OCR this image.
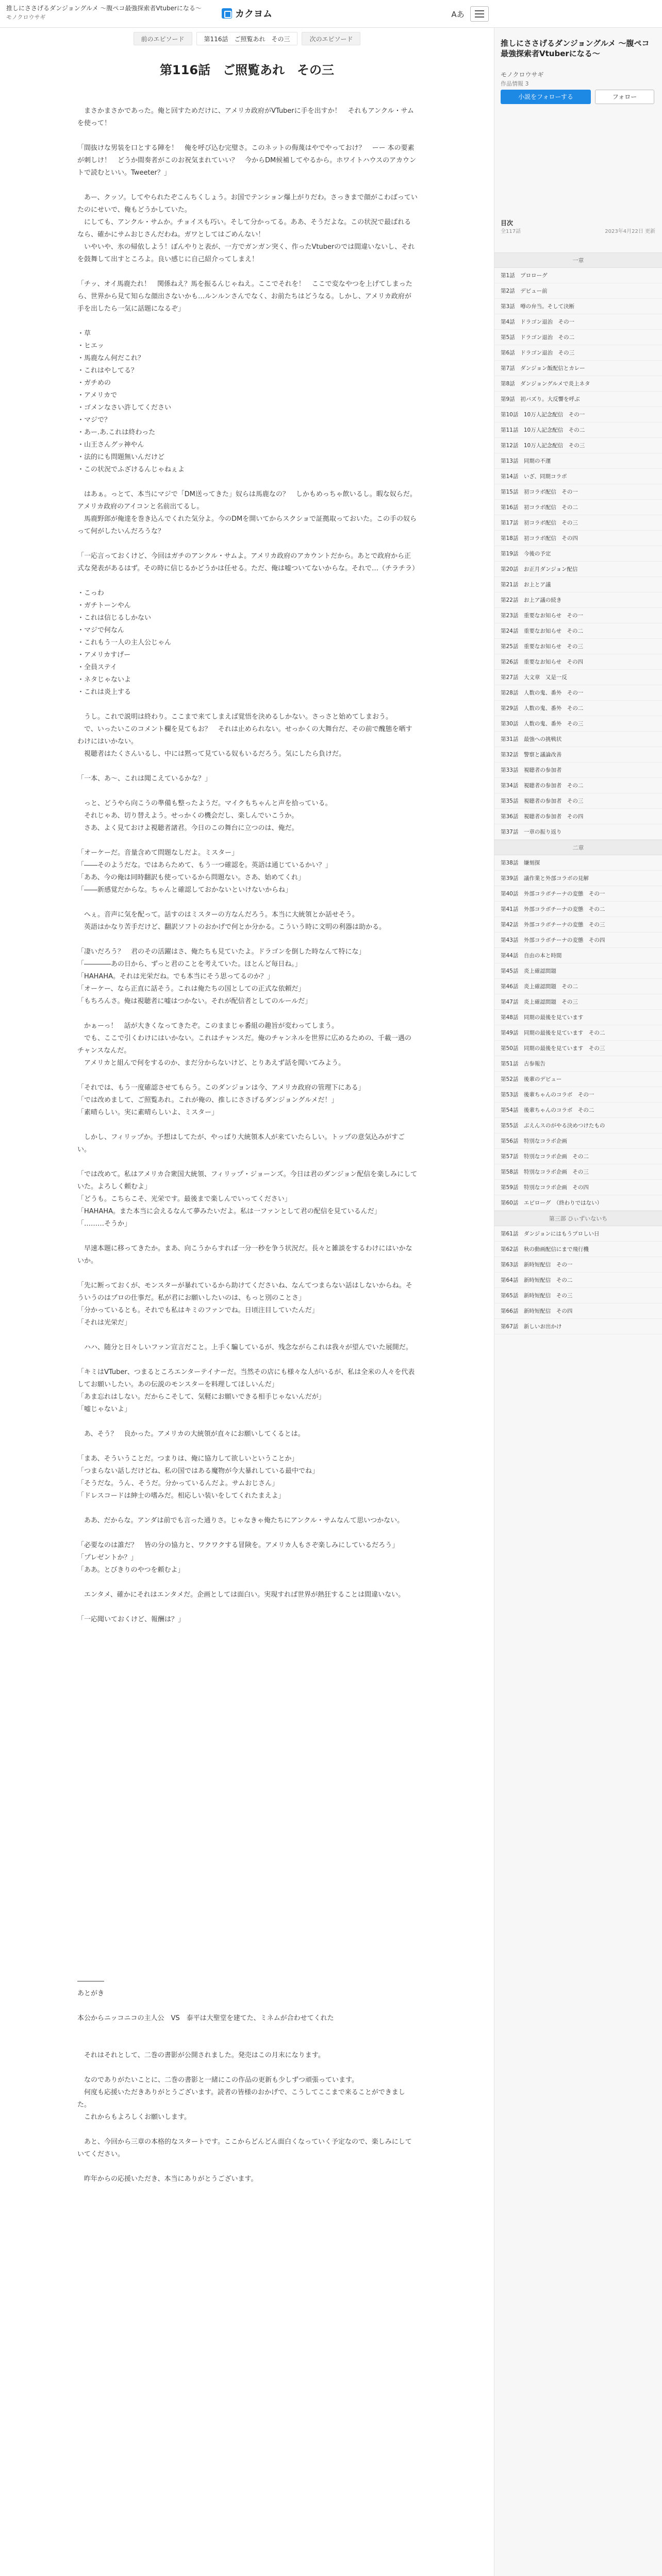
推しにささげるダンジョングルメ ～腹ペコ最強探索者Vtuberになる～
モノクロウサギ	カクヨム	Aあ
前のエピソード	第116話　ご照覧あれ　その三	次のエピソード
第116話　ご照覧あれ　その三

　まさかまさかであった。俺と回すためだけに、アメリカ政府がVTuberに手を出すか！　それもアンクル・サムを使って！

「間抜けな男装を口とする陣を！　俺を呼び込む完璧さ。このネットの侮蔑はやでやっておけ？　ーー 本の要素が刺しけ！　どうか間奏者がこのお祝気まれていい？　今からDM候補してやるから。ホワイトハウスのアカウントで読むといい。Tweeter？」

　あー、クッソ。してやられたぞこんちくしょう。お国でテンション爆上がりだわ。さっきまで顔がこわばっていたのにせいで、俺もどうかしていた。

　にしても、アンクル・サムか。チョイスも巧い。そして分かってる。ああ、そうだよな。この状況で最ばれるなら、確かにサムおじさんだわね。ガワとしてはごめんない！

　いやいや、氷の帰依しよう！ぼんやりと表が、一方でガンガン突く、作ったVtuberのでは間違いないし、それを鼓舞して出すところよ。良い感じに自己紹介ってしまえ！

「チッ、オイ馬鹿たれ！　関係ねえ？馬を振るんじゃねえ。ここでそれを！　ここで変なやつを上げてしまったら、世界から見て知らな顔出さないかも…ルンルンさんでなく、お前たちはどうなる。しかし、アメリカ政府が手を出したら一気に話題になるぞ」

・草

・ヒエッ

・馬鹿なん何だこれ？

・これはやしてる？

・ガチめの

・アメリカで

・ゴメンなさい許してください

・マジで？

・あー.あ.これは終わった

・山王さんグッ神やん

・法的にも問題無いんだけど

・この状況でふざけるんじゃねぇよ

　はあぁ。っとて、本当にマジで「DM送ってきた」奴らは馬鹿なの？　しかもめっちゃ飲いるし。暇な奴らだ。アメリカ政府のアイコンと名前出てるし。

　馬鹿野郎が俺達を巻き込んでくれた気分よ。今のDMを開いてからスクショで証拠取っておいた。この手の奴らって何がしたいんだろうな？

「一応言っておくけど、今回はガチのアンクル・サムよ。アメリカ政府のアカウントだから。あとで政府から正式な発表があるはず。その時に信じるかどうかは任せる。ただ、俺は嘘ついてないからな。それで…（チラチラ）

・こっわ

・ガチトーンやん

・これは信じるしかない

・マジで何なん

・これもう一人の主人公じゃん

・アメリカすげー

・全員ステイ

・ネタじゃないよ

・これは炎上する

　うし。これで説明は終わり。ここまで来てしまえば覚悟を決めるしかない。さっさと始めてしまおう。

　で、いったいこのコメント欄を見てもお？　それは止められない。せっかくの大舞台だ、その前で醜態を晒すわけにはいかない。

　視聴者はたくさんいるし、中には黙って見ている奴もいるだろう。気にしたら負けだ。

「一本、あ～、これは聞こえているかな？」

　っと、どうやら向こうの準備も整ったようだ。マイクもちゃんと声を拾っている。

　それじゃあ、切り替えよう。せっかくの機会だし、楽しんでいこうか。

　さあ、よく見ておけよ視聴者諸君。今日のこの舞台に立つのは、俺だ。

「オーケーだ。音量含めて問題なしだよ。ミスター」

「――そのようだな。ではあらためて、もう一つ確認を。英語は通じているかい？」

「ああ、今の俺は同時翻訳も使っているから問題ない。さあ、始めてくれ」

「――新感覚だからな。ちゃんと確認しておかないといけないからね」

　へぇ。音声に気を配って。話すのはミスターの方なんだろう。本当に大統領とか話せそう。

　英語はかなり苦手だけど、翻訳ソフトのおかげで何とか分かる。こういう時に文明の利器は助かる。

「凄いだろう？　君のその活躍はさ、俺たちも見ていたよ。ドラゴンを倒した時なんて特にな」

「――――あの日から、ずっと君のことを考えていた。ほとんど毎日ね。」

「HAHAHA。それは光栄だね。でも本当にそう思ってるのか？」

「オーケー、なら正直に話そう。これは俺たちの国としての正式な依頼だ」

「もちろんさ。俺は視聴者に嘘はつかない。それが配信者としてのルールだ」

　かぁーっ！　話が大きくなってきたぞ。このままじゃ番組の趣旨が変わってしまう。

　でも、ここで引くわけにはいかない。これはチャンスだ。俺のチャンネルを世界に広めるための、千載一遇のチャンスなんだ。

　アメリカと組んで何をするのか、まだ分からないけど、とりあえず話を聞いてみよう。

「それでは、もう一度確認させてもらう。このダンジョンは今、アメリカ政府の管理下にある」

「では改めまして、ご照覧あれ。これが俺の、推しにささげるダンジョングルメだ！」

「素晴らしい。実に素晴らしいよ、ミスター」

　しかし、フィリップか。予想はしてたが、やっぱり大統領本人が来ていたらしい。トップの意気込みがすごい。

「では改めて。私はアメリカ合衆国大統領、フィリップ・ジョーンズ。今日は君のダンジョン配信を楽しみにしていた。よろしく頼むよ」

「どうも。こちらこそ、光栄です。最後まで楽しんでいってください」

「HAHAHA。また本当に会えるなんて夢みたいだよ。私は一ファンとして君の配信を見ているんだ」

「………そうか」

　早速本題に移ってきたか。まあ、向こうからすれば一分一秒を争う状況だ。長々と雑談をするわけにはいかないか。

「先に断っておくが、モンスターが暴れているから助けてくださいね、なんてつまらない話はしないからね。そういうのはプロの仕事だ。私が君にお願いしたいのは、もっと別のことさ」

「分かっているとも。それでも私はキミのファンでね。日頃注目していたんだ」

「それは光栄だ」

　ハハ、随分と日々しいファン宣言だこと。上手く騙しているが、残念ながらこれは我々が望んでいた展開だ。

「キミはVTuber、つまるところエンターテイナーだ。当然その店にも様々な人がいるが、私は全米の人々を代表してお願いしたい。あの伝説のモンスターを料理してほしいんだ」

「あま忘れはしない。だからこそして、気軽にお願いできる相手じゃないんだが」

「嘘じゃないよ」

　あ、そう？　良かった。アメリカの大統領が直々にお願いしてくるとは。

「まあ、そういうことだ。つまりは、俺に協力して欲しいということか」

「つまらない話しだけどね、私の国ではある魔物が今大暴れしている最中でね」

「そうだな。うん、そうだ。分かっているんだよ。サムおじさん」

「ドレスコードは紳士の嗜みだ。相応しい装いをしてくれたまえよ」

　ああ、だからな。アンダは前でも言った通りさ。じゃなきゃ俺たちにアンクル・サムなんて思いつかない。

「必要なのは誰だ？　皆の分の協力と、ワクワクする冒険を。アメリカ人もさぞ楽しみにしているだろう」

「プレゼントか？」

「ああ。とびきりのやつを頼むよ」

　エンタメ、確かにそれはエンタメだ。企画としては面白い。実現すれば世界が熱狂することは間違いない。

「一応聞いておくけど、報酬は？」

――――

あとがき

本公からニッコニコの主人公　VS　泰平は大聖堂を建てた、ミネムが合わせてくれた

　それはそれとして、二巻の書影が公開されました。発売はこの月末になります。

　なのでありがたいことに、二巻の書影と一緒にこの作品の更新も少しずつ頑張っています。

　何度も応援いただきありがとうございます。読者の皆様のおかげで、こうしてここまで来ることができました。

　これからもよろしくお願いします。

　あと、今回から三章の本格的なスタートです。ここからどんどん面白くなっていく予定なので、楽しみにしていてください。

　昨年からの応援いただき、本当にありがとうございます。

推しにささげるダンジョングルメ ～腹ペコ最強探索者Vtuberになる～
モノクロウサギ
作品情報 3
小説をフォローする	フォロー
目次
全117話	2023年4月22日 更新
一章
第1話　プロローグ
第2話　デビュー前
第3話　噂の弁当。そして決断
第4話　ドラゴン退治　その一
第5話　ドラゴン退治　その二
第6話　ドラゴン退治　その三
第7話　ダンジョン飯配信とカレー
第8話　ダンジョングルメで炎上ネタ
第9話　初バズり。大反響を呼ぶ
第10話　10万人記念配信　その一
第11話　10万人記念配信　その二
第12話　10万人記念配信　その三
第13話　同期の不運
第14話　いざ、同期コラボ
第15話　初コラボ配信　その一
第16話　初コラボ配信　その二
第17話　初コラボ配信　その三
第18話　初コラボ配信　その四
第19話　今後の予定
第20話　お正月ダンジョン配信
第21話　お上とア議
第22話　お上ア議の続き
第23話　重要なお知らせ　その一
第24話　重要なお知らせ　その二
第25話　重要なお知らせ　その三
第26話　重要なお知らせ　その四
第27話　大文章　又是一反
第28話　人数の鬼、番外　その一
第29話　人数の鬼、番外　その二
第30話　人数の鬼、番外　その三
第31話　最強への挑戦状
第32話　警察と議論改善
第33話　視聴者の参加者
第34話　視聴者の参加者　その二
第35話　視聴者の参加者　その三
第36話　視聴者の参加者　その四
第37話　一章の振り返り
二章
第38話　嫌刻探
第39話　議作業と外部コラボの見解
第40話　外部コラボチーナの変態　その一
第41話　外部コラボチーナの変態　その二
第42話　外部コラボチーナの変態　その三
第43話　外部コラボチーナの変態　その四
第44話　自由の本と時間
第45話　炎上確認問題
第46話　炎上確認問題　その二
第47話　炎上確認問題　その三
第48話　同期の最後を見ています
第49話　同期の最後を見ています　その二
第50話　同期の最後を見ています　その三
第51話　古参報告
第52話　後輩のデビュー
第53話　後輩ちゃんのコラボ　その一
第54話　後輩ちゃんのコラボ　その二
第55話　ぶえんスのがやる決めつけたもの
第56話　特別なコラボ企画
第57話　特別なコラボ企画　その二
第58話　特別なコラボ企画　その三
第59話　特別なコラボ企画　その四
第60話　エピローグ　（終わりではない）
第三部 ひぃずいないち
第61話　ダンジョンにはもうプロしい日
第62話　秋の動画配信にまで飛行機
第63話　新時短配信　その一
第64話　新時短配信　その二
第65話　新時短配信　その三
第66話　新時短配信　その四
第67話　新しいお出かけ
